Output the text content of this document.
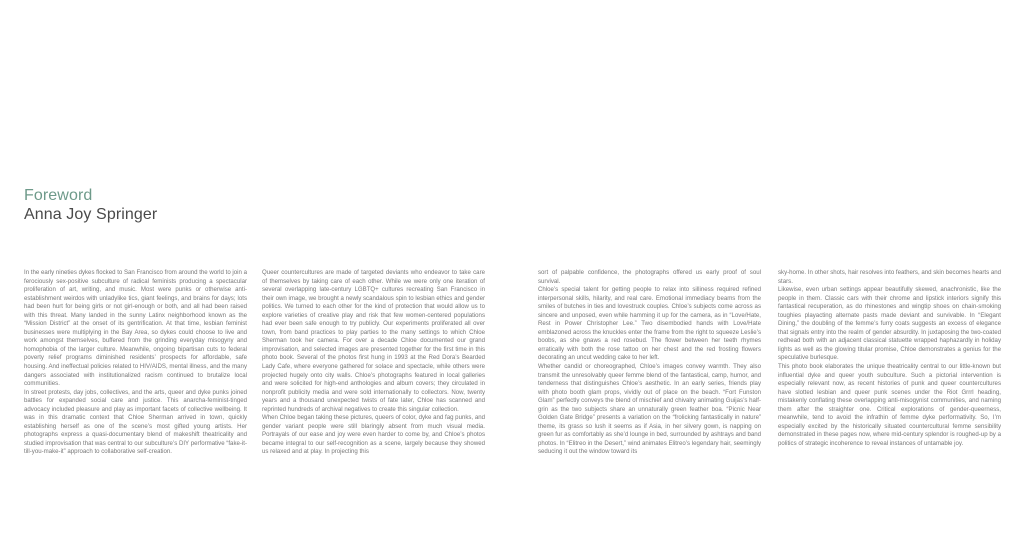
Foreword
Anna Joy Springer

In the early nineties dykes flocked to San Francisco from around the world to join a ferociously sex-positive subculture of radical feminists producing a spectacular proliferation of art, writing, and music. Most were punks or otherwise anti-establishment weirdos with unladylike tics, giant feelings, and brains for days; lots had been hurt for being girls or not girl-enough or both, and all had been raised with this threat. Many landed in the sunny Latinx neighborhood known as the “Mission District” at the onset of its gentrification. At that time, lesbian feminist businesses were multiplying in the Bay Area, so dykes could choose to live and work amongst themselves, buffered from the grinding everyday misogyny and homophobia of the larger culture. Meanwhile, ongoing bipartisan cuts to federal poverty relief programs diminished residents’ prospects for affordable, safe housing. And ineffectual policies related to HIV/AIDS, mental illness, and the many dangers associated with institutionalized racism continued to brutalize local communities.

In street protests, day jobs, collectives, and the arts, queer and dyke punks joined battles for expanded social care and justice. This anarcha-feminist-tinged advocacy included pleasure and play as important facets of collective wellbeing. It was in this dramatic context that Chloe Sherman arrived in town, quickly establishing herself as one of the scene’s most gifted young artists. Her photographs express a quasi-documentary blend of makeshift theatricality and studied improvisation that was central to our subculture’s DIY performative “fake-it-till-you-make-it” approach to collaborative self-creation.

Queer countercultures are made of targeted deviants who endeavor to take care of themselves by taking care of each other. While we were only one iteration of several overlapping late-century LGBTQ+ cultures recreating San Francisco in their own image, we brought a newly scandalous spin to lesbian ethics and gender politics. We turned to each other for the kind of protection that would allow us to explore varieties of creative play and risk that few women-centered populations had ever been safe enough to try publicly. Our experiments proliferated all over town, from band practices to play parties to the many settings to which Chloe Sherman took her camera. For over a decade Chloe documented our grand improvisation, and selected images are presented together for the first time in this photo book. Several of the photos first hung in 1993 at the Red Dora’s Bearded Lady Cafe, where everyone gathered for solace and spectacle, while others were projected hugely onto city walls. Chloe’s photographs featured in local galleries and were solicited for high-end anthologies and album covers; they circulated in nonprofit publicity media and were sold internationally to collectors. Now, twenty years and a thousand unexpected twists of fate later, Chloe has scanned and reprinted hundreds of archival negatives to create this singular collection.

When Chloe began taking these pictures, queers of color, dyke and fag punks, and gender variant people were still blaringly absent from much visual media. Portrayals of our ease and joy were even harder to come by, and Chloe’s photos became integral to our self-recognition as a scene, largely because they showed us relaxed and at play. In projecting this

sort of palpable confidence, the photographs offered us early proof of soul survival.

Chloe’s special talent for getting people to relax into silliness required refined interpersonal skills, hilarity, and real care. Emotional immediacy beams from the smiles of butches in ties and lovestruck couples. Chloe’s subjects come across as sincere and unposed, even while hamming it up for the camera, as in “Love/Hate, Rest in Power Christopher Lee.” Two disembodied hands with Love/Hate emblazoned across the knuckles enter the frame from the right to squeeze Leslie’s boobs, as she gnaws a red rosebud. The flower between her teeth rhymes erratically with both the rose tattoo on her chest and the red frosting flowers decorating an uncut wedding cake to her left.

Whether candid or choreographed, Chloe’s images convey warmth. They also transmit the unresolvably queer femme blend of the fantastical, camp, humor, and tenderness that distinguishes Chloe’s aesthetic. In an early series, friends play with photo booth glam props, vividly out of place on the beach. “Fort Funston Glam” perfectly conveys the blend of mischief and chivalry animating Guijas’s half-grin as the two subjects share an unnaturally green feather boa. “Picnic Near Golden Gate Bridge” presents a variation on the “frolicking fantastically in nature” theme, its grass so lush it seems as if Asia, in her silvery gown, is napping on green fur as comfortably as she’d lounge in bed, surrounded by ashtrays and band photos. In “Elitreo in the Desert,” wind animates Elitreo’s legendary hair, seemingly seducing it out the window toward its

sky-home. In other shots, hair resolves into feathers, and skin becomes hearts and stars.

Likewise, even urban settings appear beautifully skewed, anachronistic, like the people in them. Classic cars with their chrome and lipstick interiors signify this fantastical recuperation, as do rhinestones and wingtip shoes on chain-smoking toughies playacting alternate pasts made deviant and survivable. In “Elegant Dining,” the doubling of the femme’s furry coats suggests an excess of elegance that signals entry into the realm of gender absurdity. In juxtaposing the two-coated redhead both with an adjacent classical statuette wrapped haphazardly in holiday lights as well as the glowing titular promise, Chloe demonstrates a genius for the speculative burlesque.

This photo book elaborates the unique theatricality central to our little-known but influential dyke and queer youth subculture. Such a pictorial intervention is especially relevant now, as recent histories of punk and queer countercultures have slotted lesbian and queer punk scenes under the Riot Grrrl heading, mistakenly conflating these overlapping anti-misogynist communities, and naming them after the straighter one. Critical explorations of gender-queerness, meanwhile, tend to avoid the infrathin of femme dyke performativity. So, I’m especially excited by the historically situated countercultural femme sensibility demonstrated in these pages now, where mid-century splendor is roughed-up by a politics of strategic incoherence to reveal instances of untamable joy.
